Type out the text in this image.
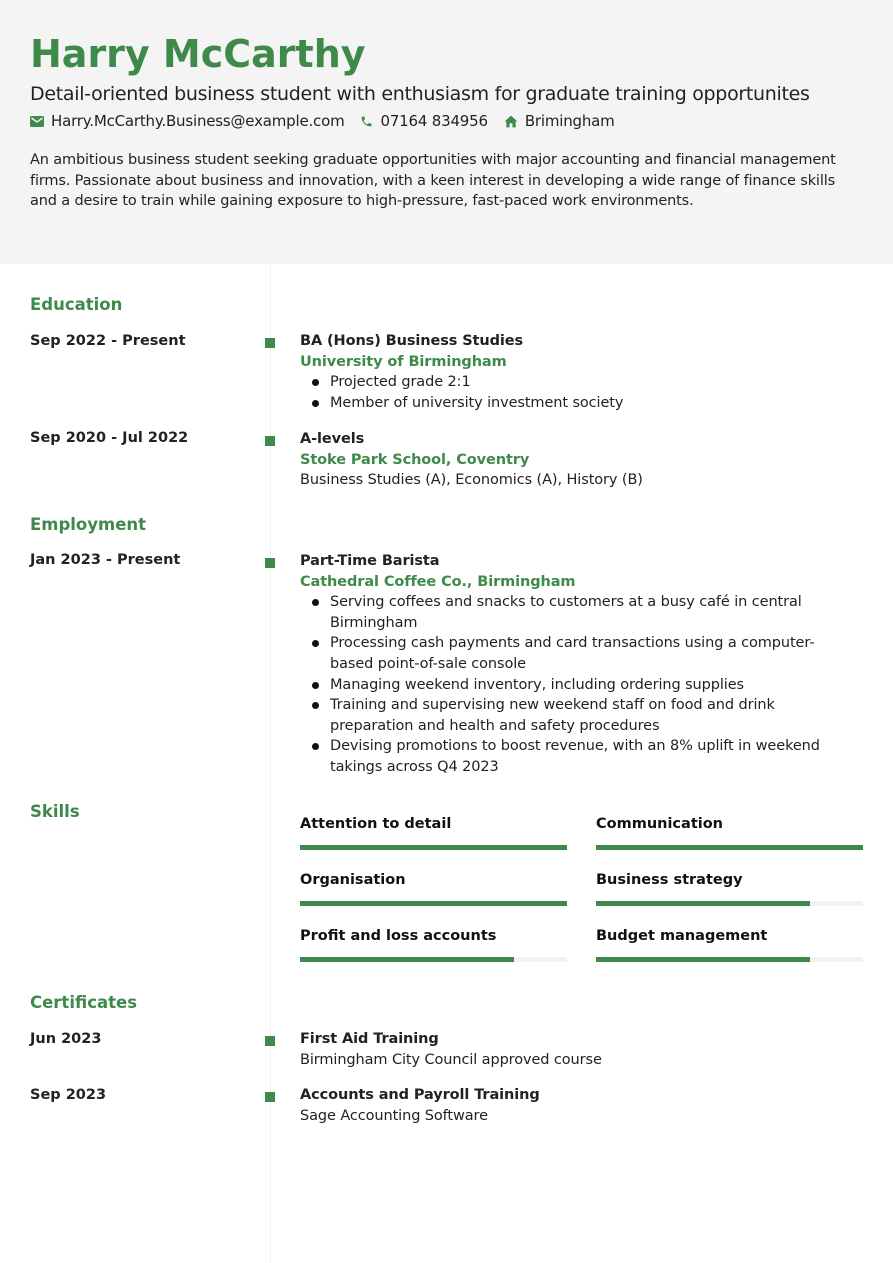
Harry McCarthy
Detail-oriented business student with enthusiasm for graduate training opportunites
Harry.McCarthy.Business@example.com 07164 834956 Brimingham
An ambitious business student seeking graduate opportunities with major accounting and financial management firms. Passionate about business and innovation, with a keen interest in developing a wide range of finance skills and a desire to train while gaining exposure to high-pressure, fast-paced work environments.
Education
Sep 2022 - Present	BA (Hons) Business Studies
University of Birmingham
Projected grade 2:1
Member of university investment society
Sep 2020 - Jul 2022	A-levels
Stoke Park School, Coventry
Business Studies (A), Economics (A), History (B)
Employment
Jan 2023 - Present	Part-Time Barista
Cathedral Coffee Co., Birmingham
Serving coffees and snacks to customers at a busy café in central Birmingham
Processing cash payments and card transactions using a computer-based point-of-sale console
Managing weekend inventory, including ordering supplies
Training and supervising new weekend staff on food and drink preparation and health and safety procedures
Devising promotions to boost revenue, with an 8% uplift in weekend takings across Q4 2023
Skills
Attention to detail	Communication
Organisation	Business strategy
Profit and loss accounts	Budget management
Certificates
Jun 2023	First Aid Training
Birmingham City Council approved course
Sep 2023	Accounts and Payroll Training
Sage Accounting Software
